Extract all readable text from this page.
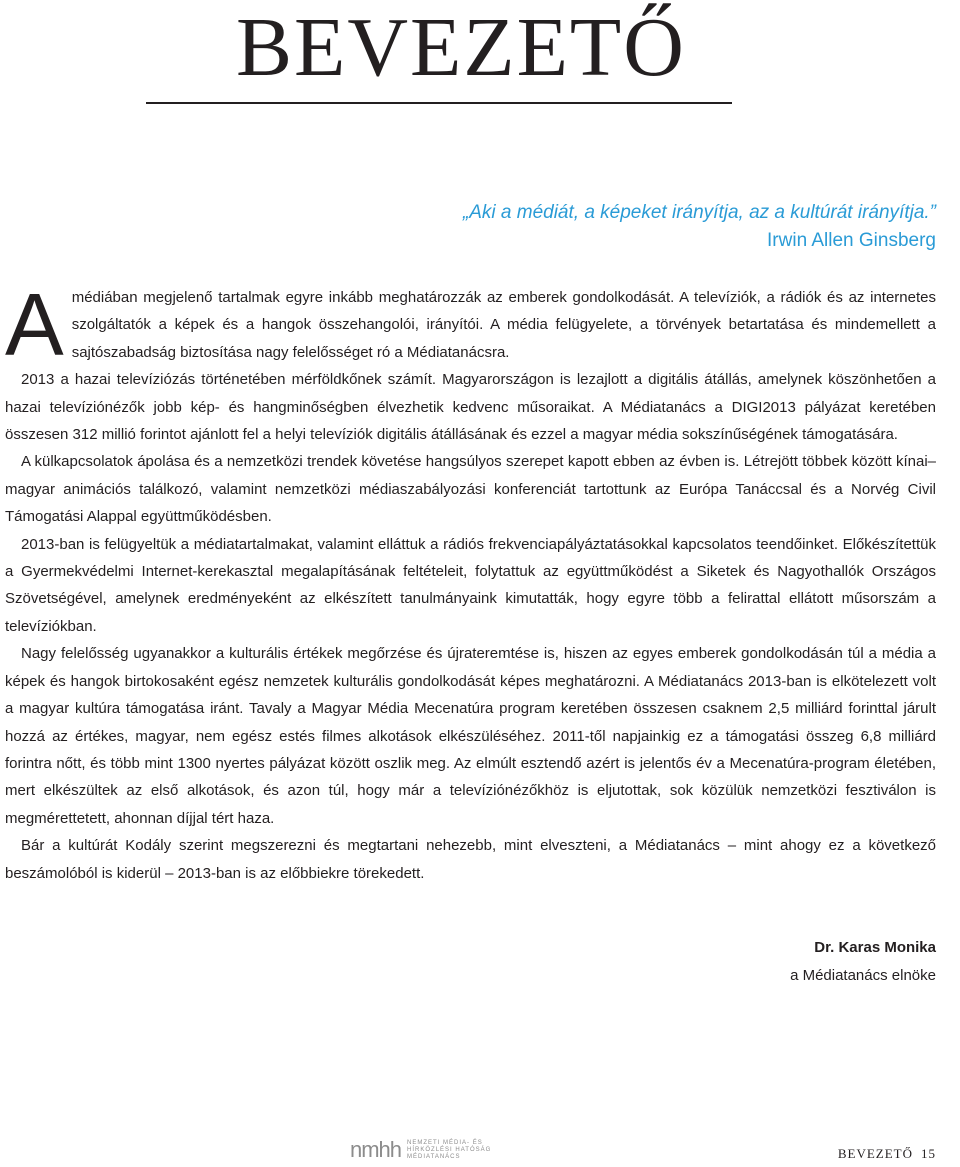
BEVEZETŐ
„Aki a médiát, a képeket irányítja, az a kultúrát irányítja.”
Irwin Allen Ginsberg

A médiában megjelenő tartalmak egyre inkább meghatározzák az emberek gondolkodását. A televíziók, a rádiók és az internetes szolgáltatók a képek és a hangok összehangolói, irányítói. A média felügyelete, a törvények betartatása és mindemellett a sajtószabadság biztosítása nagy felelősséget ró a Médiatanácsra.

2013 a hazai televíziózás történetében mérföldkőnek számít. Magyarországon is lezajlott a digitális átállás, amelynek köszönhetően a hazai televíziónézők jobb kép- és hangminőségben élvezhetik kedvenc műsoraikat. A Médiatanács a DIGI2013 pályázat keretében összesen 312 millió forintot ajánlott fel a helyi televíziók digitális átállásának és ezzel a magyar média sokszínűségének támogatására.

A külkapcsolatok ápolása és a nemzetközi trendek követése hangsúlyos szerepet kapott ebben az évben is. Létrejött többek között kínai–magyar animációs találkozó, valamint nemzetközi médiaszabályozási konferenciát tartottunk az Európa Tanáccsal és a Norvég Civil Támogatási Alappal együttműködésben.

2013-ban is felügyeltük a médiatartalmakat, valamint elláttuk a rádiós frekvenciapályáztatásokkal kapcsolatos teendőinket. Előkészítettük a Gyermekvédelmi Internet-kerekasztal megalapításának feltételeit, folytattuk az együttműködést a Siketek és Nagyothallók Országos Szövetségével, amelynek eredményeként az elkészített tanulmányaink kimutatták, hogy egyre több a felirattal ellátott műsorszám a televíziókban.

Nagy felelősség ugyanakkor a kulturális értékek megőrzése és újrateremtése is, hiszen az egyes emberek gondolkodásán túl a média a képek és hangok birtokosaként egész nemzetek kulturális gondolkodását képes meghatározni. A Médiatanács 2013-ban is elkötelezett volt a magyar kultúra támogatása iránt. Tavaly a Magyar Média Mecenatúra program keretében összesen csaknem 2,5 milliárd forinttal járult hozzá az értékes, magyar, nem egész estés filmes alkotások elkészüléséhez. 2011-től napjainkig ez a támogatási összeg 6,8 milliárd forintra nőtt, és több mint 1300 nyertes pályázat között oszlik meg. Az elmúlt esztendő azért is jelentős év a Mecenatúra-program életében, mert elkészültek az első alkotások, és azon túl, hogy már a televíziónézőkhöz is eljutottak, sok közülük nemzetközi fesztiválon is megmérettetett, ahonnan díjjal tért haza.

Bár a kultúrát Kodály szerint megszerezni és megtartani nehezebb, mint elveszteni, a Médiatanács – mint ahogy ez a következő beszámolóból is kiderül – 2013-ban is az előbbiekre törekedett.

Dr. Karas Monika
a Médiatanács elnöke
nmhh NEMZETI MÉDIA- ÉS
HÍRKÖZLÉSI HATÓSÁG
MÉDIATANÁCS	BEVEZETŐ 15
